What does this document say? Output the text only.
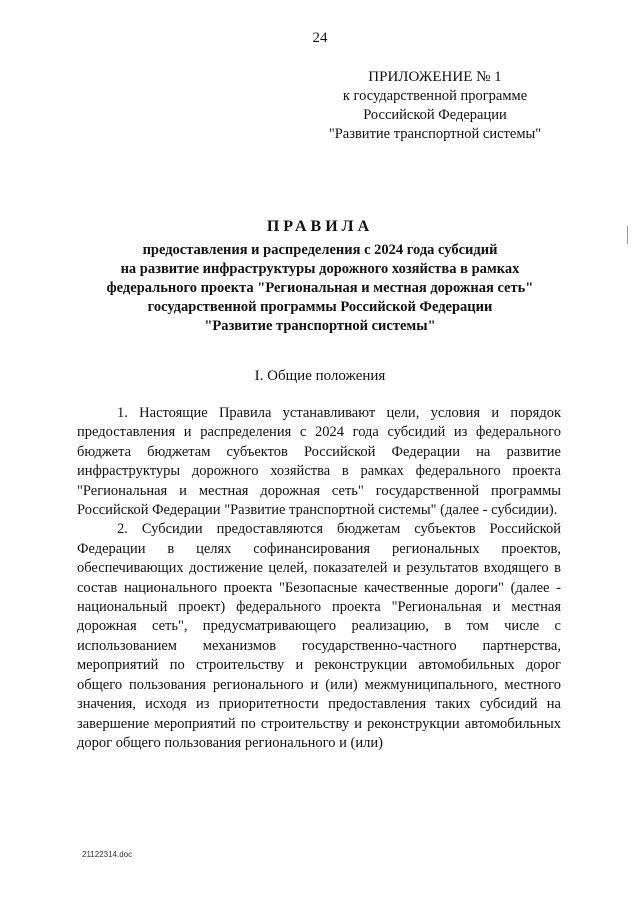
24
ПРИЛОЖЕНИЕ № 1
к государственной программе
Российской Федерации
"Развитие транспортной системы"
ПРАВИЛА
предоставления и распределения с 2024 года субсидий
на развитие инфраструктуры дорожного хозяйства в рамках
федерального проекта "Региональная и местная дорожная сеть"
государственной программы Российской Федерации
"Развитие транспортной системы"
I. Общие положения

1. Настоящие Правила устанавливают цели, условия и порядок предоставления и распределения с 2024 года субсидий из федерального бюджета бюджетам субъектов Российской Федерации на развитие инфраструктуры дорожного хозяйства в рамках федерального проекта "Региональная и местная дорожная сеть" государственной программы Российской Федерации "Развитие транспортной системы" (далее - субсидии).

2. Субсидии предоставляются бюджетам субъектов Российской Федерации в целях софинансирования региональных проектов, обеспечивающих достижение целей, показателей и результатов входящего в состав национального проекта "Безопасные качественные дороги" (далее - национальный проект) федерального проекта "Региональная и местная дорожная сеть", предусматривающего реализацию, в том числе с использованием механизмов государственно-частного партнерства, мероприятий по строительству и реконструкции автомобильных дорог общего пользования регионального и (или) межмуниципального, местного значения, исходя из приоритетности предоставления таких субсидий на завершение мероприятий по строительству и реконструкции автомобильных дорог общего пользования регионального и (или)

21122314.doc
